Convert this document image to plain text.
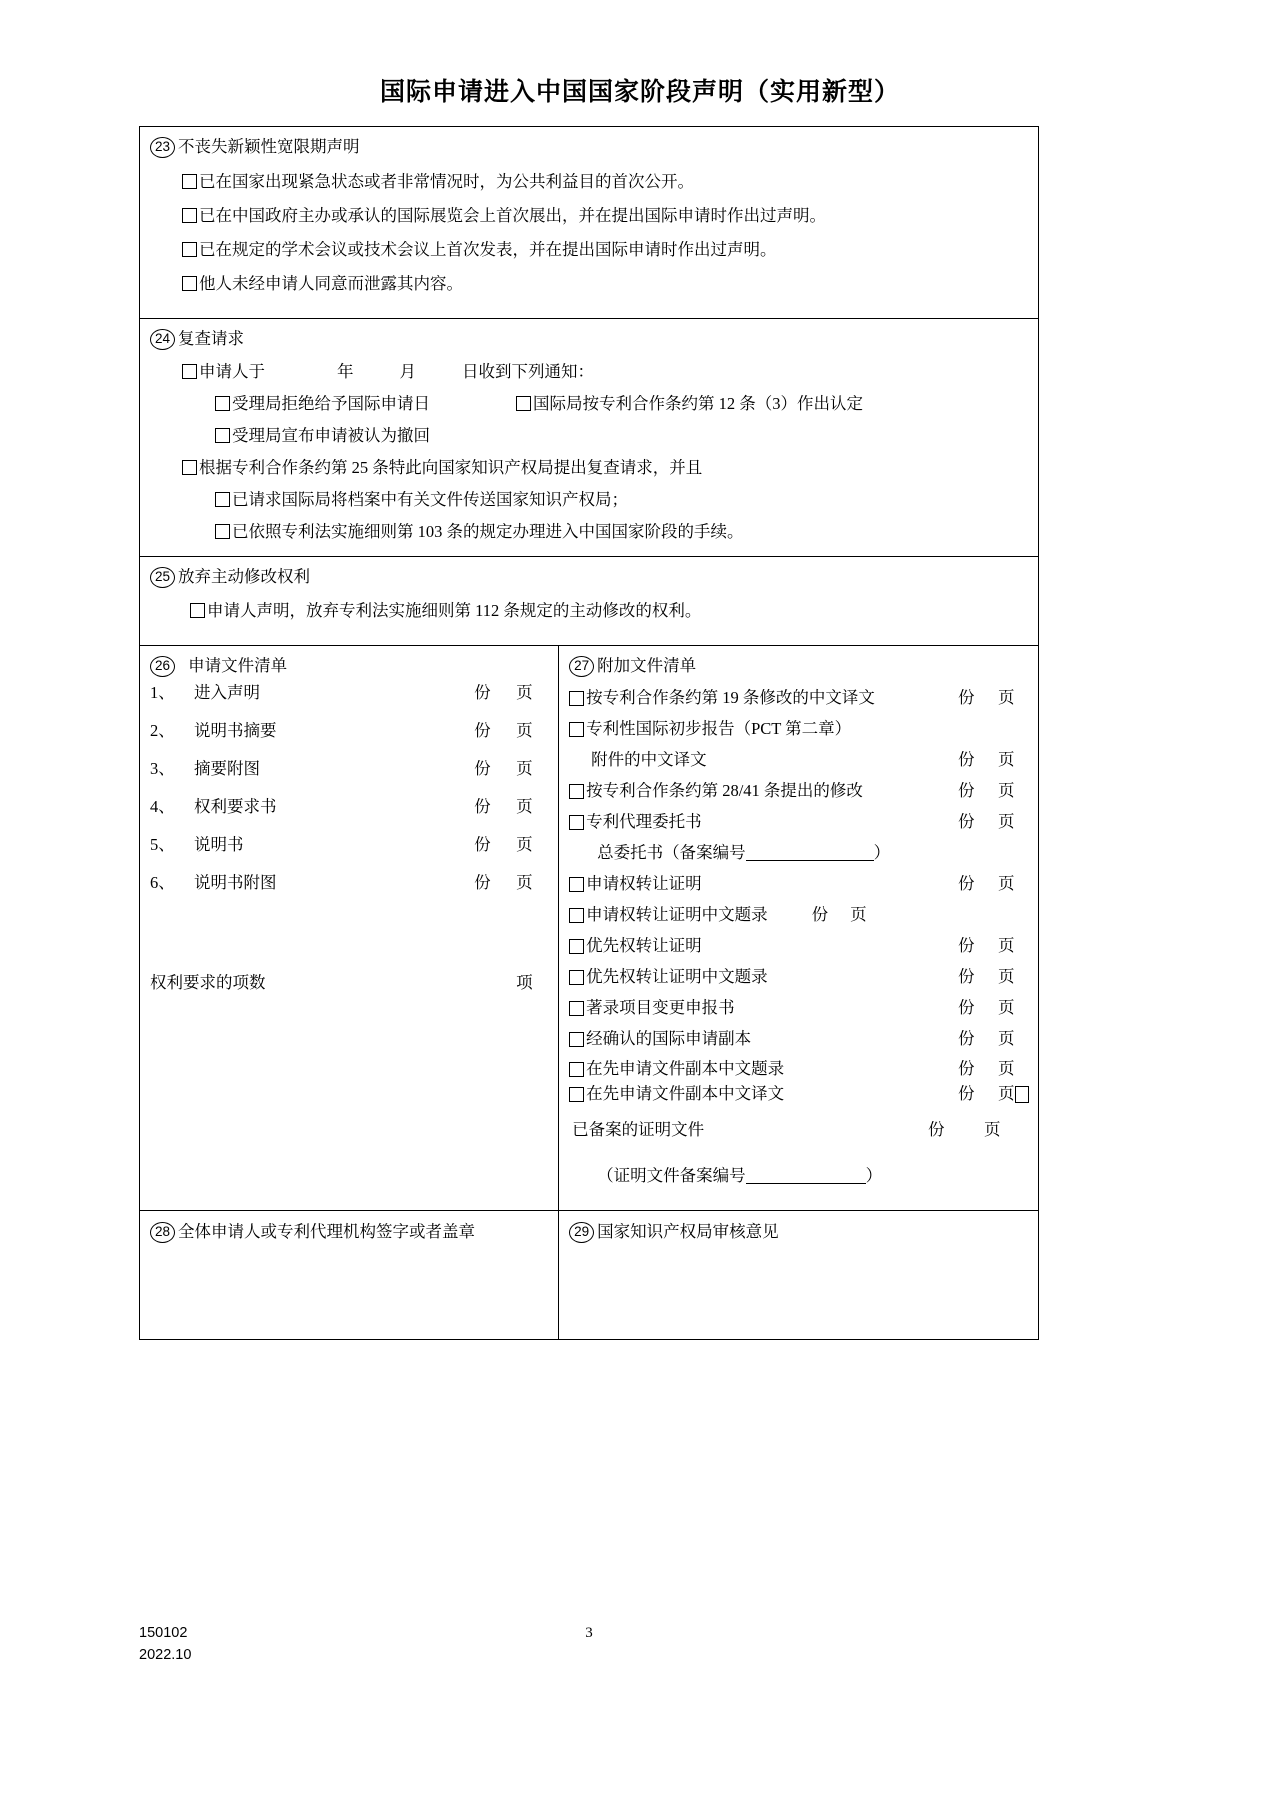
国际申请进入中国国家阶段声明（实用新型）
23 不丧失新颖性宽限期声明
已在国家出现紧急状态或者非常情况时，为公共利益目的首次公开。
已在中国政府主办或承认的国际展览会上首次展出，并在提出国际申请时作出过声明。
已在规定的学术会议或技术会议上首次发表，并在提出国际申请时作出过声明。
他人未经申请人同意而泄露其内容。
24 复查请求
申请人于	年	月	日收到下列通知：
受理局拒绝给予国际申请日	国际局按专利合作条约第 12 条（3）作出认定
受理局宣布申请被认为撤回
根据专利合作条约第 25 条特此向国家知识产权局提出复查请求，并且
已请求国际局将档案中有关文件传送国家知识产权局；
已依照专利法实施细则第 103 条的规定办理进入中国国家阶段的手续。
25 放弃主动修改权利
申请人声明，放弃专利法实施细则第 112 条规定的主动修改的权利。
26 申请文件清单
1、	进入声明	份	页
2、	说明书摘要	份	页
3、	摘要附图	份	页
4、	权利要求书	份	页
5、	说明书	份	页
6、	说明书附图	份	页
权利要求的项数	项
27 附加文件清单
按专利合作条约第 19 条修改的中文译文	份	页
专利性国际初步报告（PCT 第二章）
附件的中文译文	份	页
按专利合作条约第 28/41 条提出的修改	份	页
专利代理委托书	份	页
总委托书（备案编号	）
申请权转让证明	份	页
申请权转让证明中文题录	份 页
优先权转让证明	份	页
优先权转让证明中文题录	份	页
著录项目变更申报书	份	页
经确认的国际申请副本	份	页
在先申请文件副本中文题录	份	页
在先申请文件副本中文译文	份	页
已备案的证明文件	份	页
（证明文件备案编号	）
28 全体申请人或专利代理机构签字或者盖章	29 国家知识产权局审核意见
150102
2022.10
3
